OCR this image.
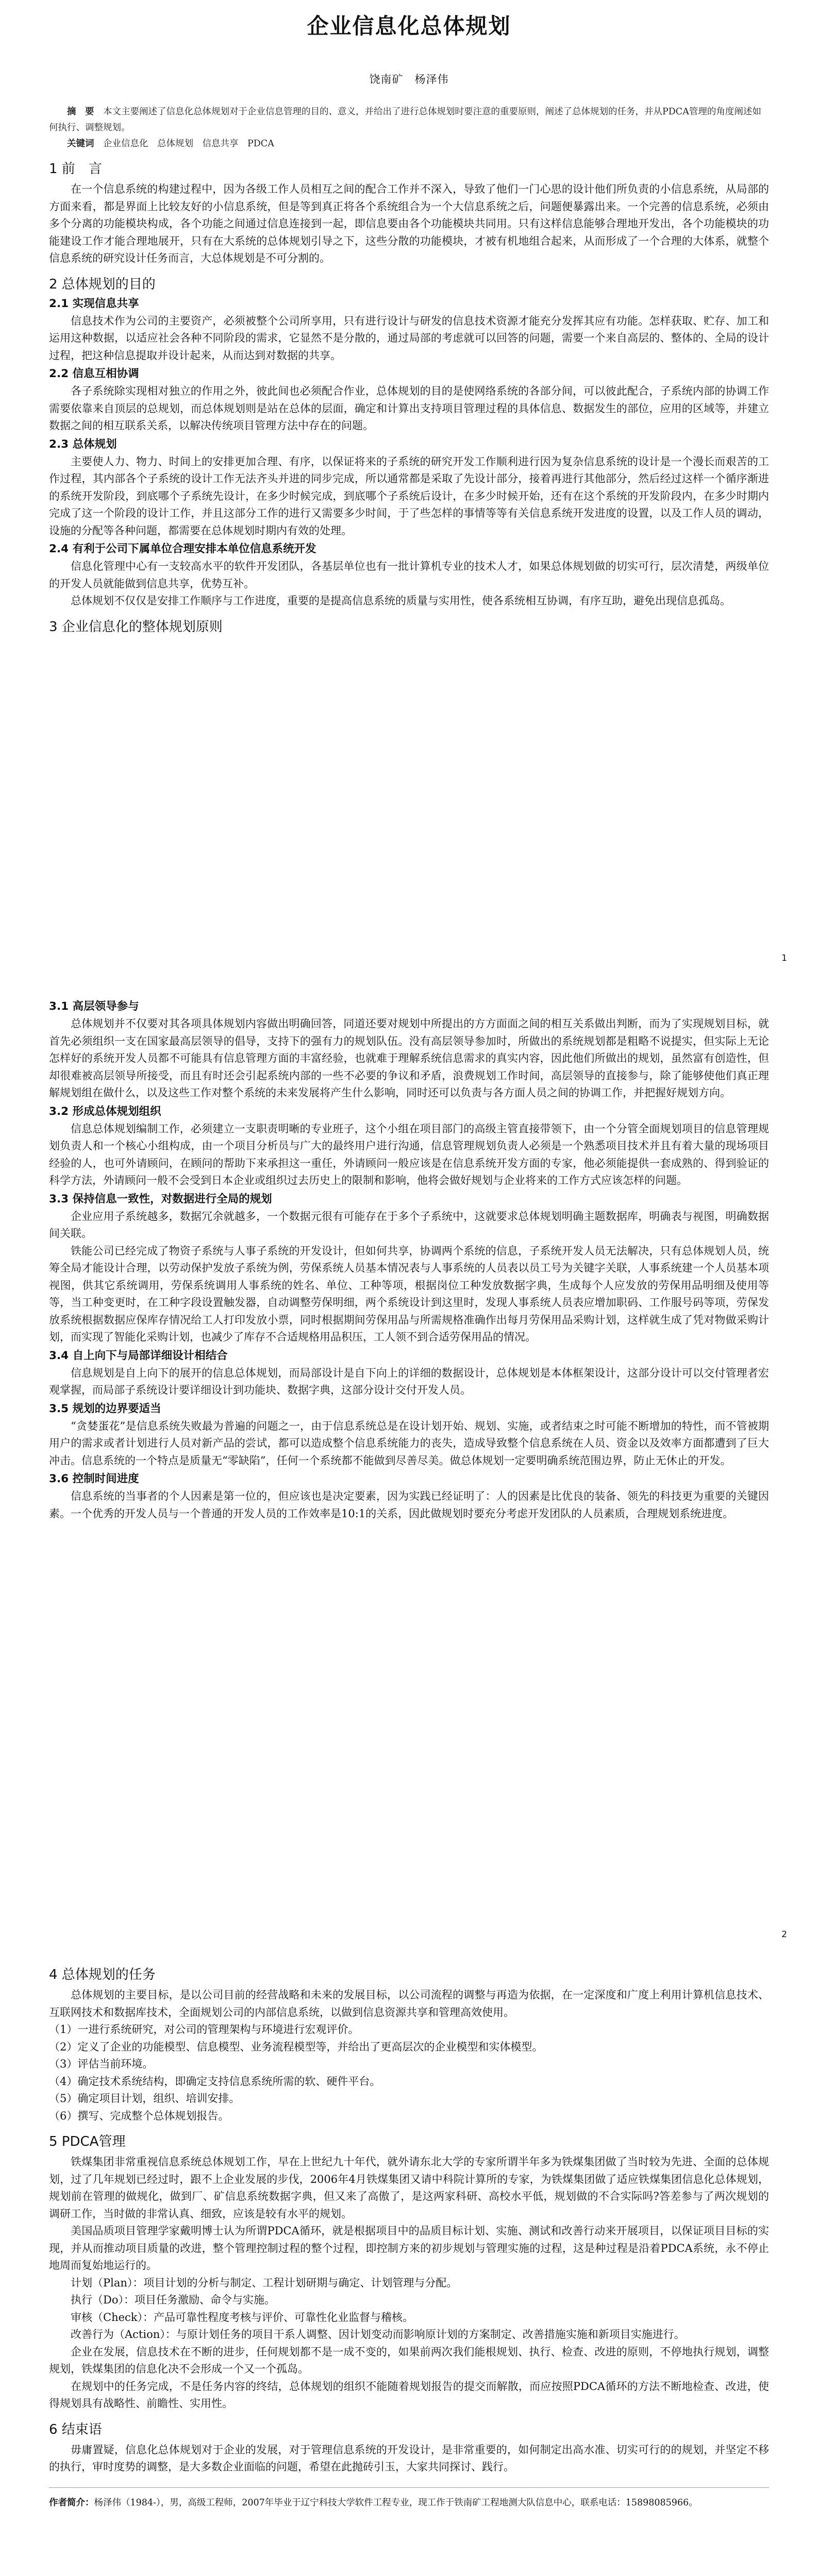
企业信息化总体规划
饶南矿　杨泽伟

摘　要　 本文主要阐述了信息化总体规划对于企业信息管理的目的、意义，并给出了进行总体规划时要注意的重要原则，阐述了总体规划的任务，并从PDCA管理的角度阐述如何执行、调整规划。

关键词　 企业信息化　总体规划　信息共享　PDCA

1 前　言

在一个信息系统的构建过程中，因为各级工作人员相互之间的配合工作并不深入，导致了他们一门心思的设计他们所负责的小信息系统，从局部的方面来看，都是界面上比较友好的小信息系统，但是等到真正将各个系统组合为一个大信息系统之后，问题便暴露出来。一个完善的信息系统，必须由多个分离的功能模块构成，各个功能之间通过信息连接到一起，即信息要由各个功能模块共同用。只有这样信息能够合理地开发出，各个功能模块的功能建设工作才能合理地展开，只有在大系统的总体规划引导之下，这些分散的功能模块，才被有机地组合起来，从而形成了一个合理的大体系，就整个信息系统的研究设计任务而言，大总体规划是不可分割的。

2 总体规划的目的
2.1 实现信息共享

信息技术作为公司的主要资产，必须被整个公司所享用，只有进行设计与研发的信息技术资源才能充分发挥其应有功能。怎样获取、贮存、加工和运用这种数据，以适应社会各种不同阶段的需求，它显然不是分散的，通过局部的考虑就可以回答的问题，需要一个来自高层的、整体的、全局的设计过程，把这种信息提取并设计起来，从而达到对数据的共享。

2.2 信息互相协调

各子系统除实现相对独立的作用之外，彼此间也必须配合作业，总体规划的目的是使网络系统的各部分间，可以彼此配合，子系统内部的协调工作需要依靠来自顶层的总规划，而总体规划则是站在总体的层面，确定和计算出支持项目管理过程的具体信息、数据发生的部位，应用的区域等，并建立数据之间的相互联系关系，以解决传统项目管理方法中存在的问题。

2.3 总体规划

主要使人力、物力、时间上的安排更加合理、有序，以保证将来的子系统的研究开发工作顺利进行因为复杂信息系统的设计是一个漫长而艰苦的工作过程，其内部各个子系统的设计工作无法齐头并进的同步完成，所以通常都是采取了先设计部分，接着再进行其他部分，然后经过这样一个循序渐进的系统开发阶段，到底哪个子系统先设计，在多少时候完成，到底哪个子系统后设计，在多少时候开始，还有在这个系统的开发阶段内，在多少时期内完成了这一个阶段的设计工作，并且这部分工作的进行又需要多少时间，于了些怎样的事情等等有关信息系统开发进度的设置，以及工作人员的调动，设施的分配等各种问题，都需要在总体规划时期内有效的处理。

2.4 有利于公司下属单位合理安排本单位信息系统开发

信息化管理中心有一支较高水平的软件开发团队，各基层单位也有一批计算机专业的技术人才，如果总体规划做的切实可行，层次清楚，两级单位的开发人员就能做到信息共享，优势互补。

总体规划不仅仅是安排工作顺序与工作进度，重要的是提高信息系统的质量与实用性，使各系统相互协调，有序互助，避免出现信息孤岛。

3 企业信息化的整体规划原则
1
3.1 高层领导参与

总体规划并不仅要对其各项具体规划内容做出明确回答，同道还要对规划中所提出的方方面面之间的相互关系做出判断，而为了实现规划目标，就首先必须组织一支在国家最高层领导的倡导，支持下的强有力的规划队伍。没有高层领导参加时，所做出的系统规划都是粗略不说提实，但实际上无论怎样好的系统开发人员都不可能具有信息管理方面的丰富经验，也就难于理解系统信息需求的真实内容，因此他们所做出的规划，虽然富有创造性，但却很难被高层领导所接受，而且有时还会引起系统内部的一些不必要的争议和矛盾，浪费规划工作时间，高层领导的直接参与，除了能够使他们真正理解规划组在做什么，以及这些工作对整个系统的未来发展将产生什么影响，同时还可以负责与各方面人员之间的协调工作，并把握好规划方向。

3.2 形成总体规划组织

信息总体规划编制工作，必须建立一支职责明晰的专业班子，这个小组在项目部门的高级主管直接带领下，由一个分管全面规划项目的信息管理规划负责人和一个核心小组构成，由一个项目分析员与广大的最终用户进行沟通，信息管理规划负责人必须是一个熟悉项目技术并且有着大量的现场项目经验的人，也可外请顾问，在顾问的帮助下来承担这一重任，外请顾问一般应该是在信息系统开发方面的专家，他必须能提供一套成熟的、得到验证的科学方法，外请顾问一般不会受到日本企业或组织过去历史上的限制和影响，他将会做好规划与企业将来的工作方式应该怎样的问题。

3.3 保持信息一致性，对数据进行全局的规划

企业应用子系统越多，数据冗余就越多，一个数据元很有可能存在于多个子系统中，这就要求总体规划明确主题数据库，明确表与视图，明确数据间关联。

铁能公司已经完成了物资子系统与人事子系统的开发设计，但如何共享，协调两个系统的信息，子系统开发人员无法解决，只有总体规划人员，统筹全局才能设计合理，以劳动保护发放子系统为例，劳保系统人员基本情况表与人事系统的人员表以员工号为关键字关联，人事系统建一个人员基本项视图，供其它系统调用，劳保系统调用人事系统的姓名、单位、工种等项，根据岗位工种发放数据字典，生成每个人应发放的劳保用品明细及使用等等，当工种变更时，在工种字段设置触发器，自动调整劳保明细，两个系统设计到这里时，发现人事系统人员表应增加职码、工作服号码等项，劳保发放系统根据数据应保库存情况给工人打印发放小票，同时根据期间劳保用品与所需规格准确作出每月劳保用品采购计划，这样就生成了凭对物做采购计划，而实现了智能化采购计划，也减少了库存不合适规格用品积压，工人领不到合适劳保用品的情况。

3.4 自上向下与局部详细设计相结合

信息规划是自上向下的展开的信息总体规划，而局部设计是自下向上的详细的数据设计，总体规划是本体框架设计，这部分设计可以交付管理者宏观掌握，而局部子系统设计要详细设计到功能块、数据字典，这部分设计交付开发人员。

3.5 规划的边界要适当

“贪婪蛋花”是信息系统失败最为普遍的问题之一，由于信息系统总是在设计划开始、规划、实施，或者结束之时可能不断增加的特性，而不管被期用户的需求或者计划进行人员对新产品的尝试，都可以造成整个信息系统能力的丧失，造成导致整个信息系统在人员、资金以及效率方面都遭到了巨大冲击。信息系统的一个特点是质量无“零缺陷”，任何一个系统都不能做到尽善尽美。做总体规划一定要明确系统范围边界，防止无休止的开发。

3.6 控制时间进度

信息系统的当事者的个人因素是第一位的，但应该也是决定要素，因为实践已经证明了：人的因素是比优良的装备、领先的科技更为重要的关键因素。一个优秀的开发人员与一个普通的开发人员的工作效率是10:1的关系，因此做规划时要充分考虑开发团队的人员素质，合理规划系统进度。

2
4 总体规划的任务

总体规划的主要目标，是以公司目前的经营战略和未来的发展目标，以公司流程的调整与再造为依据，在一定深度和广度上利用计算机信息技术、互联网技术和数据库技术，全面规划公司的内部信息系统，以做到信息资源共享和管理高效使用。

（1）一进行系统研究，对公司的管理架构与环境进行宏观评价。

（2）定义了企业的功能模型、信息模型、业务流程模型等，并给出了更高层次的企业模型和实体模型。

（3）评估当前环境。

（4）确定技术系统结构，即确定支持信息系统所需的软、硬件平台。

（5）确定项目计划，组织、培训安排。

（6）撰写、完成整个总体规划报告。

5 PDCA管理

铁煤集团非常重视信息系统总体规划工作，早在上世纪九十年代，就外请东北大学的专家所谓半年多为铁煤集团做了当时较为先进、全面的总体规划，过了几年规划已经过时，跟不上企业发展的步伐，2006年4月铁煤集团又请中科院计算所的专家，为铁煤集团做了适应铁煤集团信息化总体规划，规划前在管理的做规化，做到厂、矿信息系统数据字典，但又来了高傲了，是这两家科研、高校水平低，规划做的不合实际吗?答差参与了两次规划的调研工作，当时做的非常认真、细致，应该是较有水平的规划。

美国品质项目管理学家戴明博士认为所谓PDCA循环，就是根据项目中的品质目标计划、实施、测试和改善行动来开展项目，以保证项目目标的实现，并从而推动项目质量的改进，整个管理控制过程的整个过程，即控制方来的初步规划与管理实施的过程，这是种过程是沿着PDCA系统，永不停止地周而复始地运行的。

计划（Plan）：项目计划的分析与制定、工程计划研期与确定、计划管理与分配。

执行（Do）：项目任务激励、命令与实施。

审核（Check）：产品可靠性程度考核与评价、可靠性化业监督与稽核。

改善行为（Action）：与原计划任务的项目干系人调整、因计划变动而影响原计划的方案制定、改善措施实施和新项目实施进行。

企业在发展，信息技术在不断的进步，任何规划都不是一成不变的，如果前两次我们能根规划、执行、检查、改进的原则，不停地执行规划，调整规划，铁煤集团的信息化决不会形成一个又一个孤岛。

在规划中的任务完成，不是任务内容的终结，总体规划的组织不能随着规划报告的提交而解散，而应按照PDCA循环的方法不断地检查、改进，使得规划具有战略性、前瞻性、实用性。

6 结束语

毋庸置疑，信息化总体规划对于企业的发展，对于管理信息系统的开发设计，是非常重要的，如何制定出高水准、切实可行的的规划，并坚定不移的执行，审时度势的调整，是大多数企业面临的问题，希望在此抛砖引玉，大家共同探讨、践行。

作者简介：杨泽伟（1984-），男，高级工程师，2007年毕业于辽宁科技大学软件工程专业，现工作于铁南矿工程地测大队信息中心，联系电话：15898085966。
